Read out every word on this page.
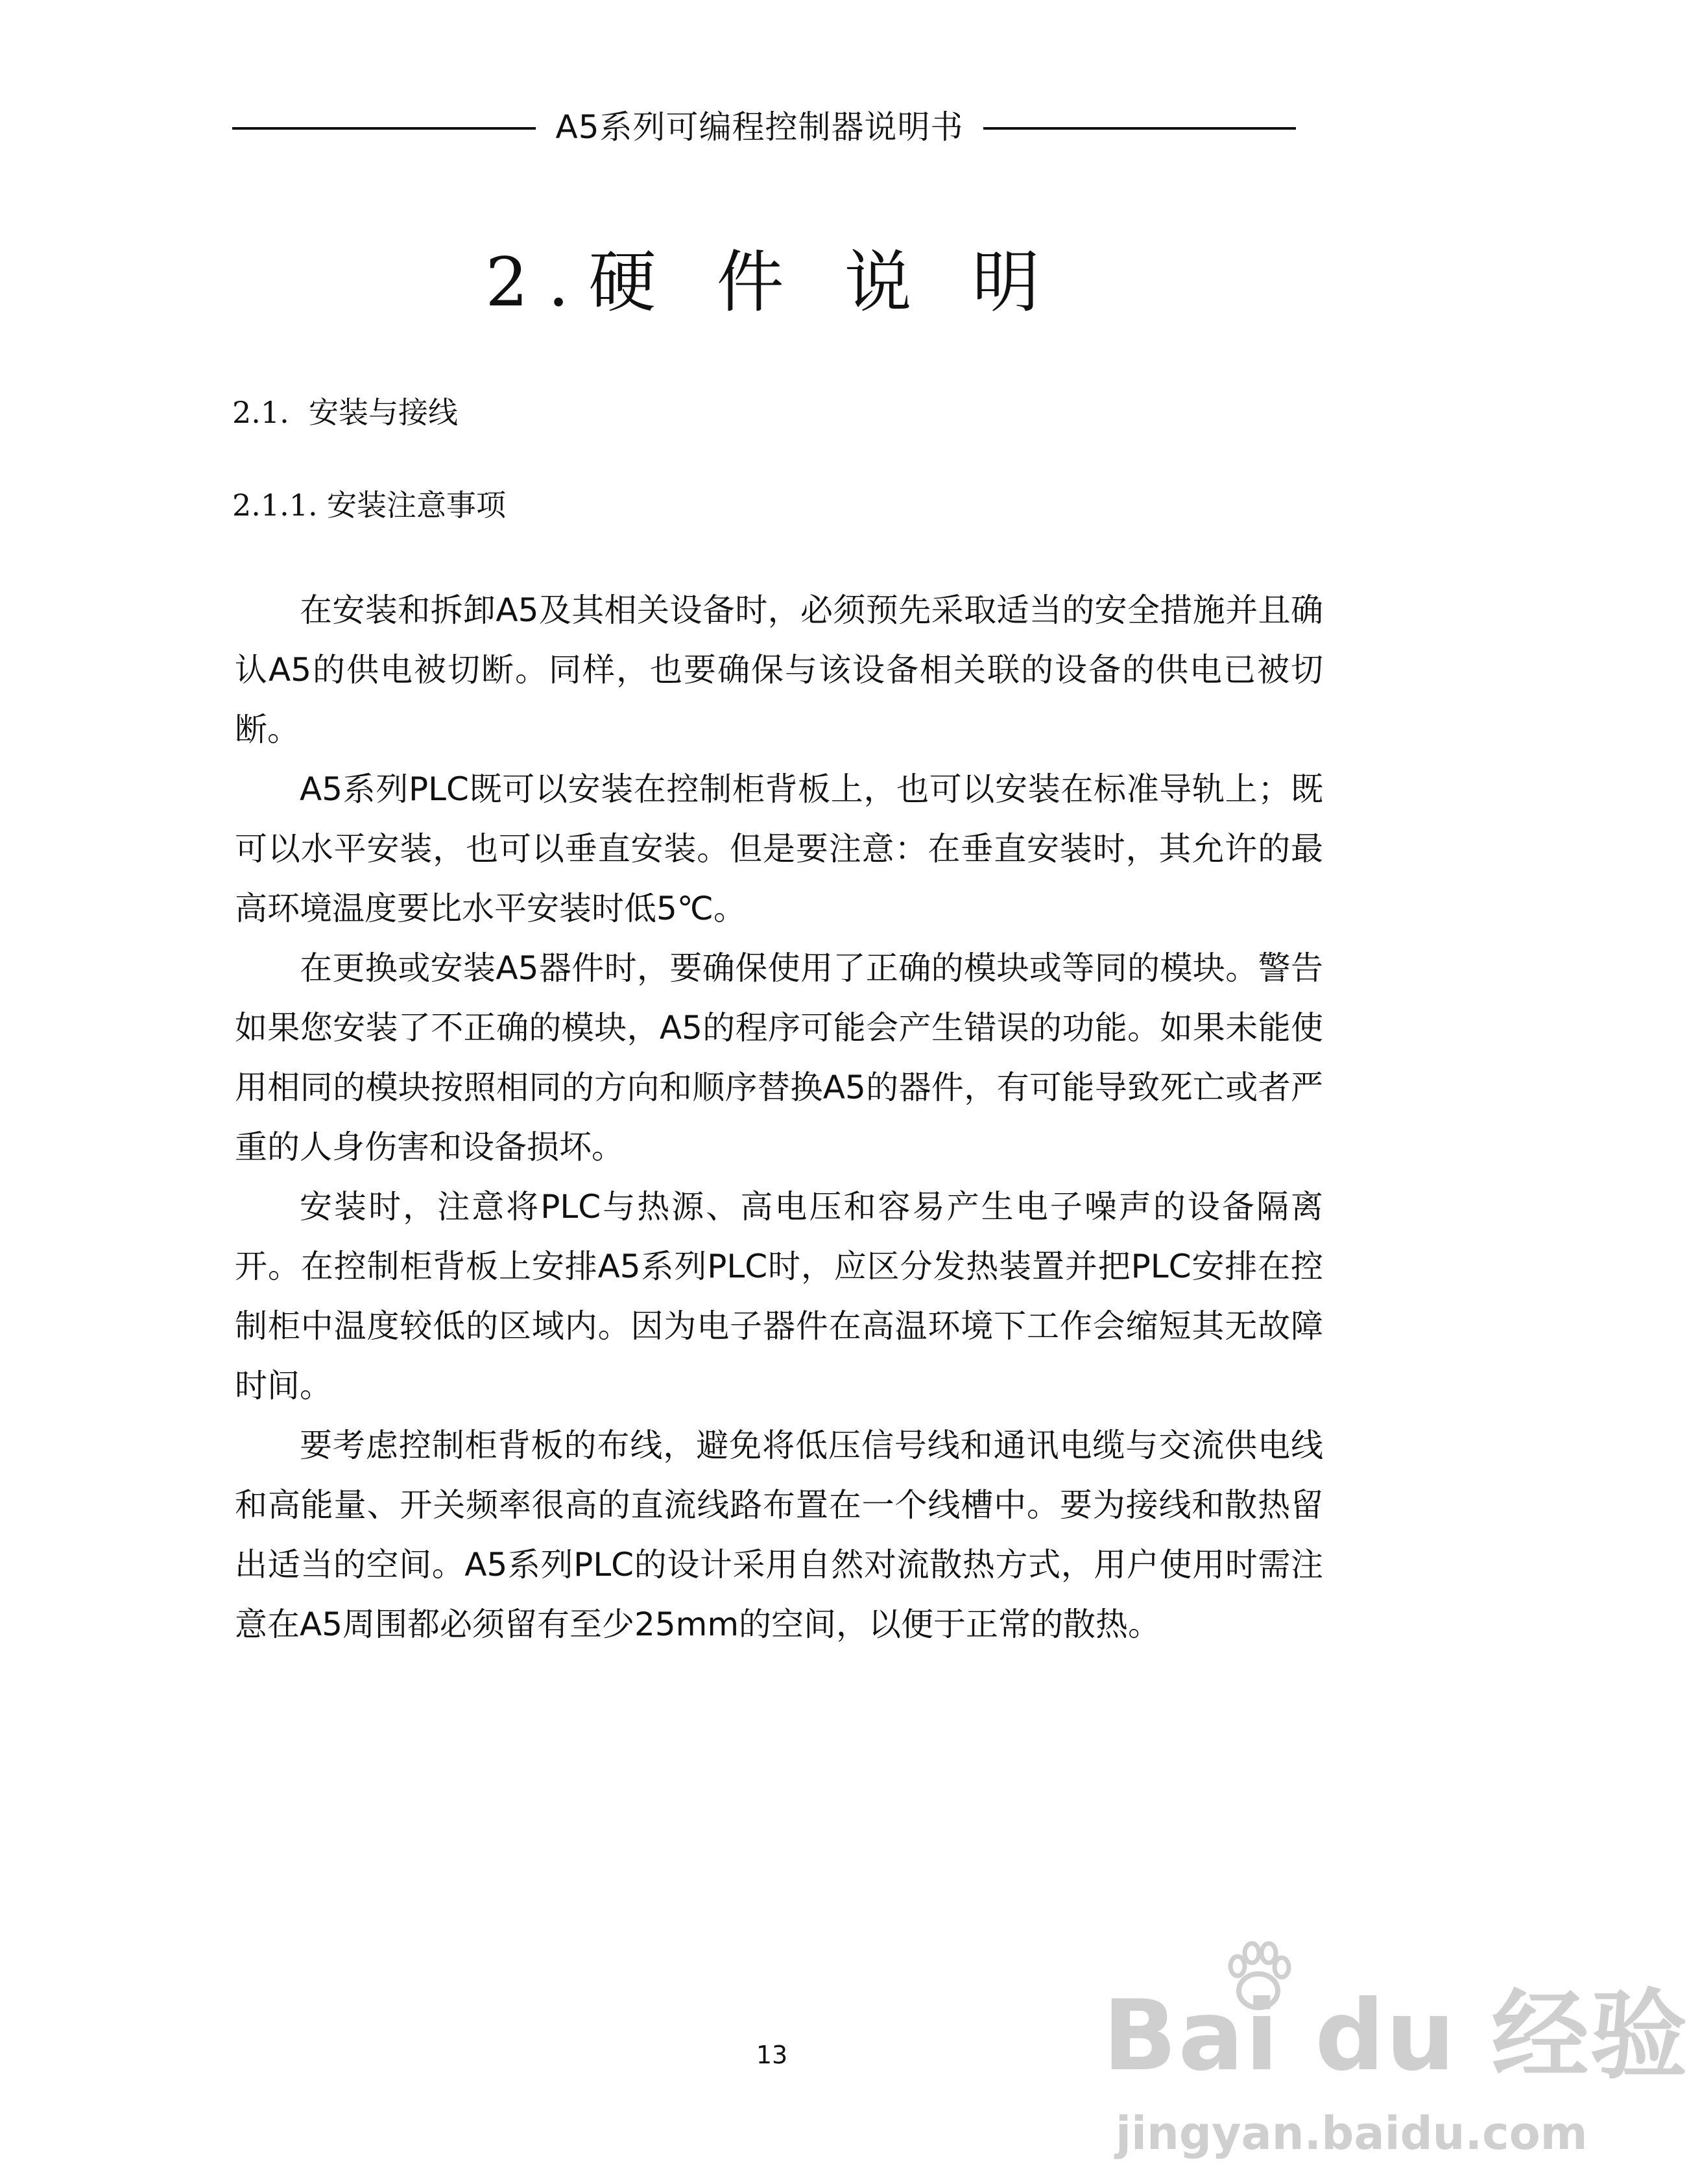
A5系列可编程控制器说明书
2.硬 件 说 明
2.1. 安装与接线
2.1.1. 安装注意事项

在安装和拆卸A5及其相关设备时，必须预先采取适当的安全措施并且确认A5的供电被切断。同样，也要确保与该设备相关联的设备的供电已被切断。

A5系列PLC既可以安装在控制柜背板上，也可以安装在标准导轨上；既可以水平安装，也可以垂直安装。但是要注意：在垂直安装时，其允许的最高环境温度要比水平安装时低5℃。

在更换或安装A5器件时，要确保使用了正确的模块或等同的模块。警告如果您安装了不正确的模块，A5的程序可能会产生错误的功能。如果未能使用相同的模块按照相同的方向和顺序替换A5的器件，有可能导致死亡或者严重的人身伤害和设备损坏。

安装时，注意将PLC与热源、高电压和容易产生电子噪声的设备隔离开。在控制柜背板上安排A5系列PLC时，应区分发热装置并把PLC安排在控制柜中温度较低的区域内。因为电子器件在高温环境下工作会缩短其无故障时间。

要考虑控制柜背板的布线，避免将低压信号线和通讯电缆与交流供电线和高能量、开关频率很高的直流线路布置在一个线槽中。要为接线和散热留出适当的空间。A5系列PLC的设计采用自然对流散热方式，用户使用时需注意在A5周围都必须留有至少25mm的空间，以便于正常的散热。

13	Bai du 经验
jingyan.baidu.com
